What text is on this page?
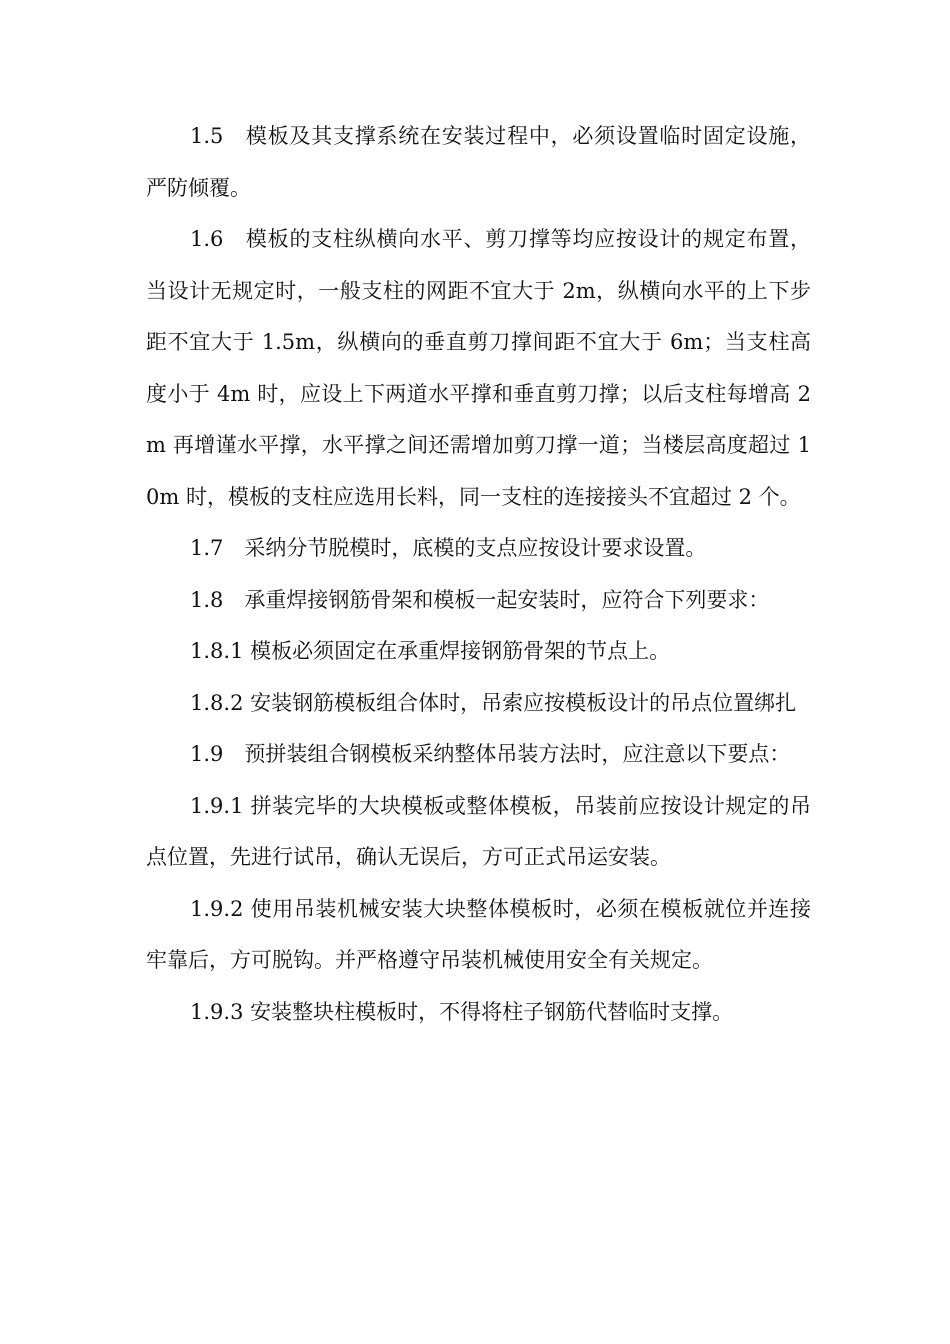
1.5　模板及其支撑系统在安装过程中，必须设置临时固定设施，严防倾覆。

1.6　模板的支柱纵横向水平、剪刀撑等均应按设计的规定布置，当设计无规定时，一般支柱的网距不宜大于 2m，纵横向水平的上下步距不宜大于 1.5m，纵横向的垂直剪刀撑间距不宜大于 6m；当支柱高度小于 4m 时，应设上下两道水平撑和垂直剪刀撑；以后支柱每增高 2m 再增谨水平撑，水平撑之间还需增加剪刀撑一道；当楼层高度超过 10m 时，模板的支柱应选用长料，同一支柱的连接接头不宜超过 2 个。

1.7　采纳分节脱模时，底模的支点应按设计要求设置。

1.8　承重焊接钢筋骨架和模板一起安装时，应符合下列要求：

1.8.1 模板必须固定在承重焊接钢筋骨架的节点上。

1.8.2 安装钢筋模板组合体时，吊索应按模板设计的吊点位置绑扎

1.9　预拼装组合钢模板采纳整体吊装方法时，应注意以下要点：

1.9.1 拼装完毕的大块模板或整体模板，吊装前应按设计规定的吊点位置，先进行试吊，确认无误后，方可正式吊运安装。

1.9.2 使用吊装机械安装大块整体模板时，必须在模板就位并连接牢靠后，方可脱钩。并严格遵守吊装机械使用安全有关规定。

1.9.3 安装整块柱模板时，不得将柱子钢筋代替临时支撑。
